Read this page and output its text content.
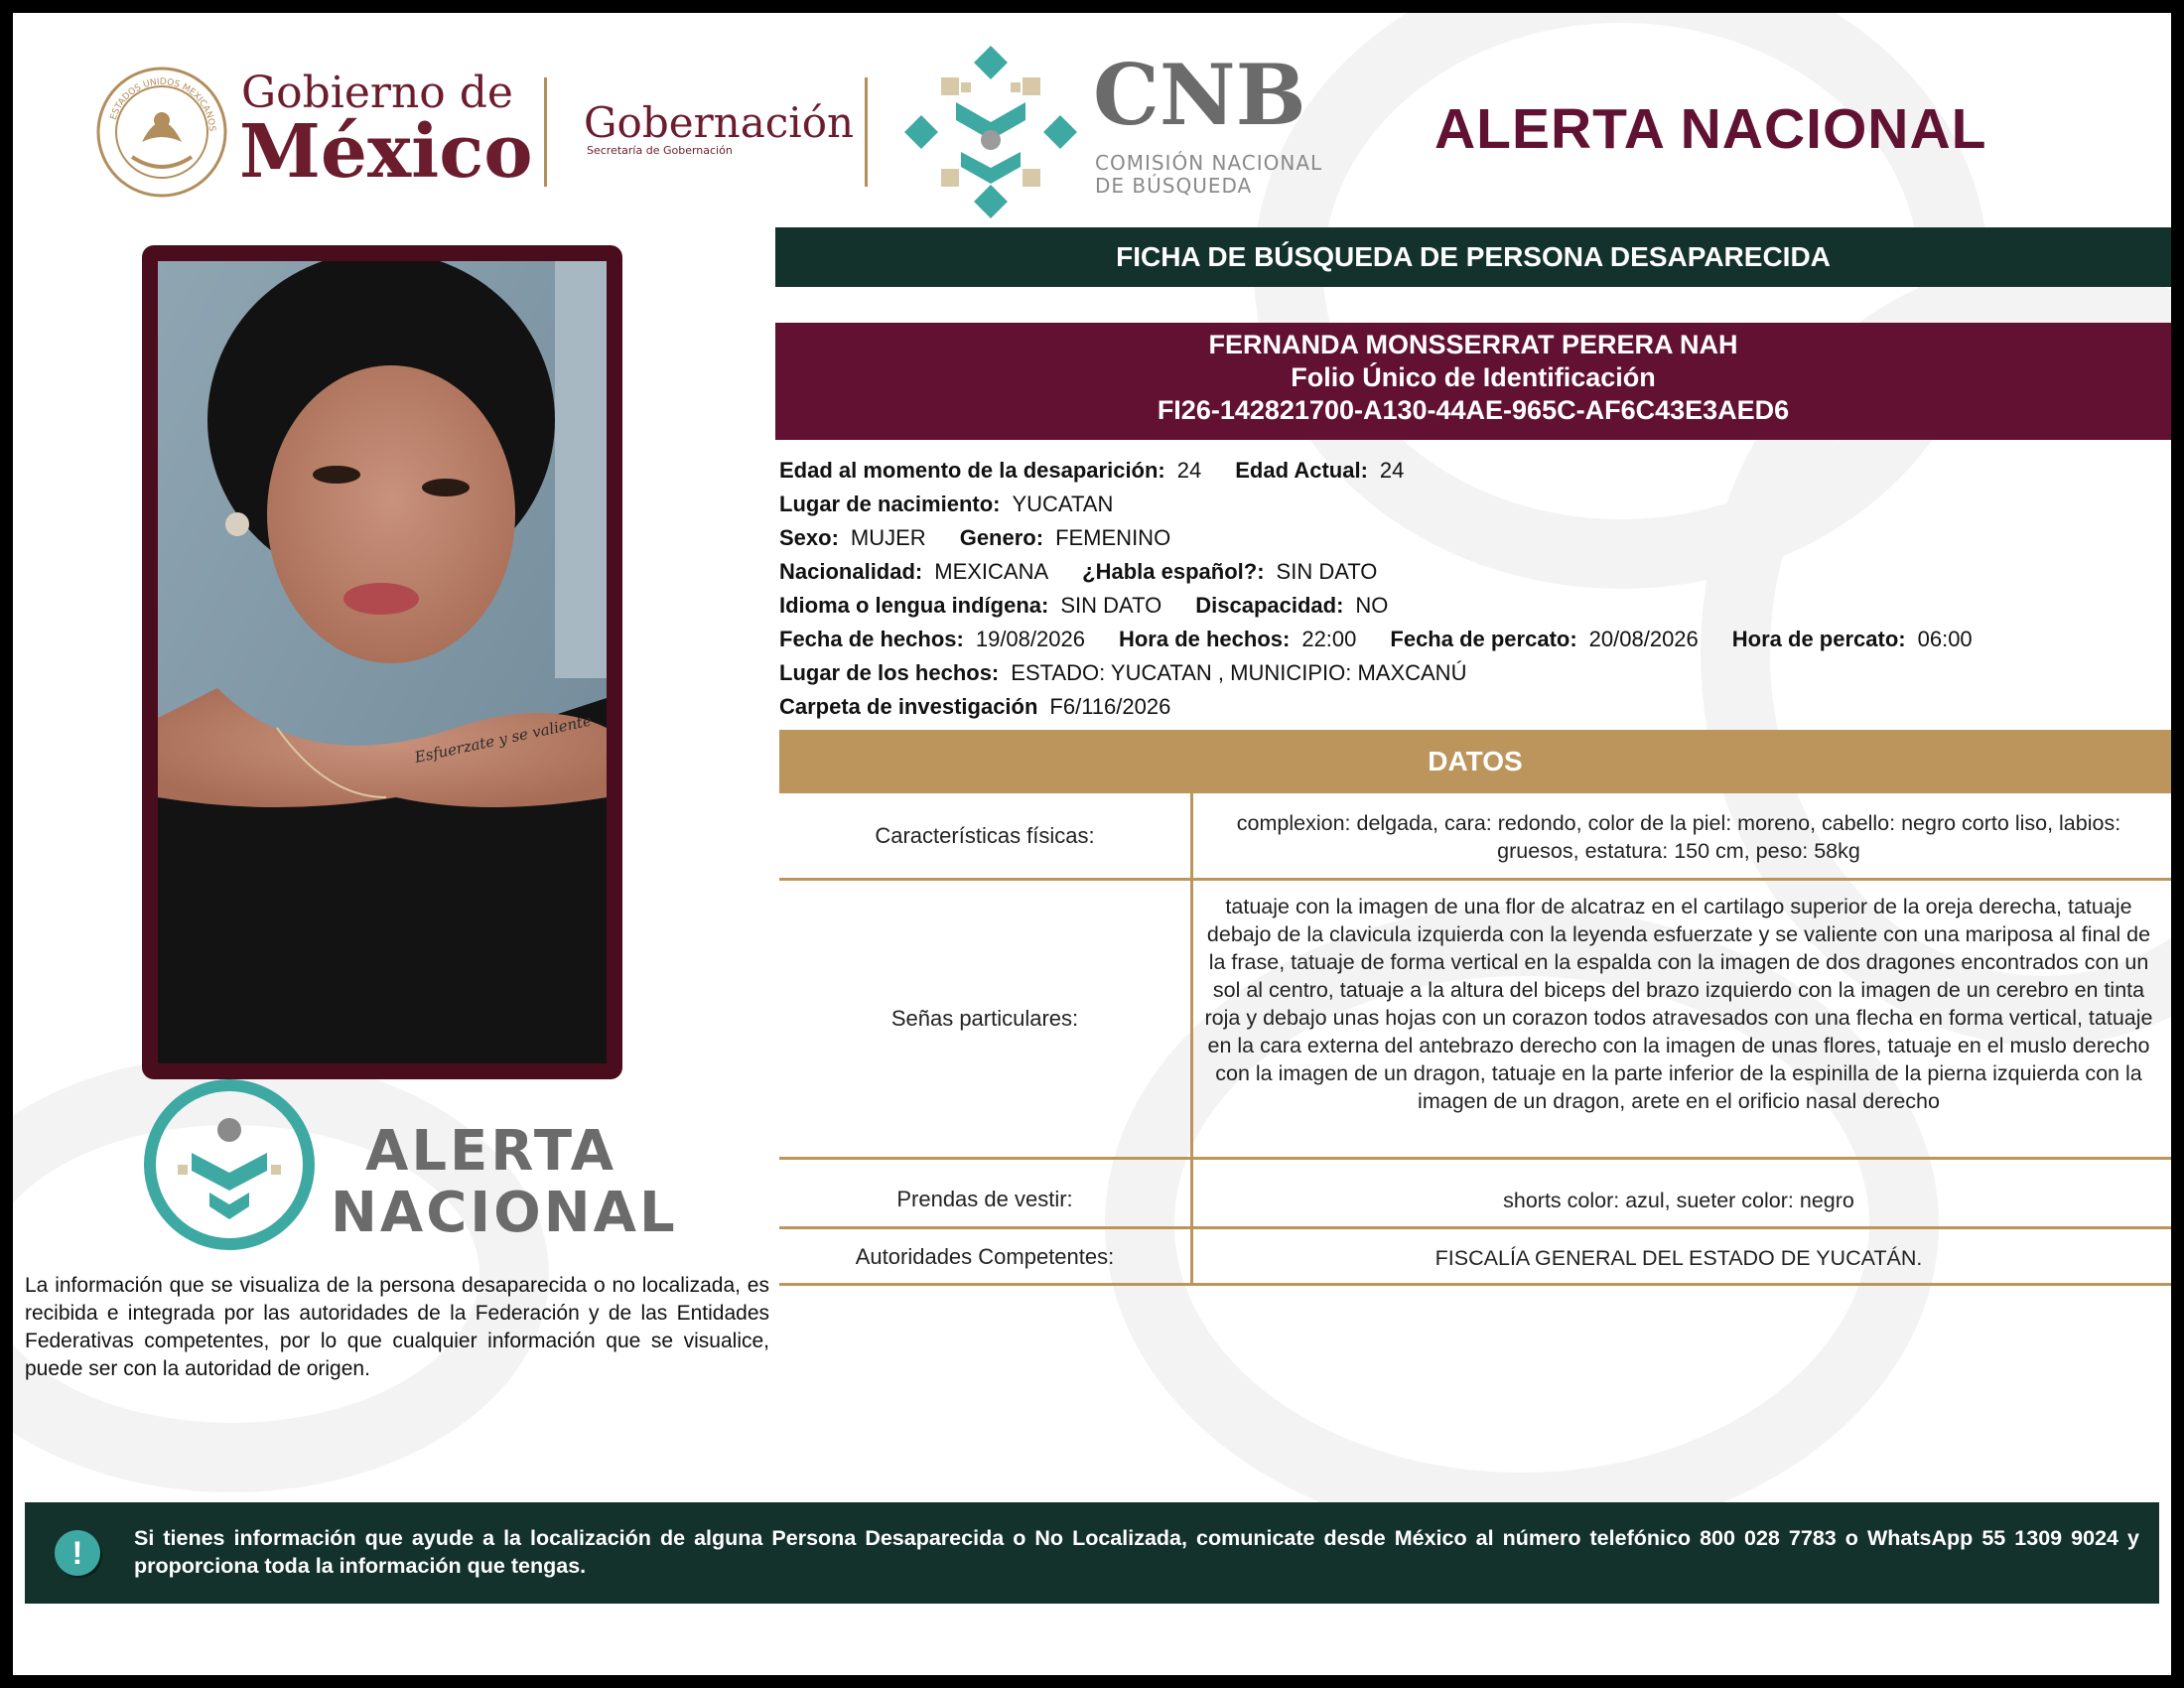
ESTADOS UNIDOS MEXICANOS
Gobierno de
México Gobernación
Secretaría de Gobernación
CNB
COMISIÓN NACIONAL
DE BÚSQUEDA
ALERTA NACIONAL
Esfuerzate y se valiente
ALERTA
NACIONAL
La información que se visualiza de la persona desaparecida o no localizada, es recibida e integrada por las autoridades de la Federación y de las Entidades Federativas competentes, por lo que cualquier información que se visualice, puede ser con la autoridad de origen.
FICHA DE BÚSQUEDA DE PERSONA DESAPARECIDA
FERNANDA MONSSERRAT PERERA NAH
Folio Único de Identificación
FI26-142821700-A130-44AE-965C-AF6C43E3AED6
Edad al momento de la desaparición: 24 Edad Actual: 24
Lugar de nacimiento: YUCATAN
Sexo: MUJER Genero: FEMENINO
Nacionalidad: MEXICANA ¿Habla español?: SIN DATO
Idioma o lengua indígena: SIN DATO Discapacidad: NO
Fecha de hechos: 19/08/2026 Hora de hechos: 22:00 Fecha de percato: 20/08/2026 Hora de percato: 06:00
Lugar de los hechos: ESTADO: YUCATAN , MUNICIPIO: MAXCANÚ
Carpeta de investigación F6/116/2026
DATOS
Características físicas:	complexion: delgada, cara: redondo, color de la piel: moreno, cabello: negro corto liso, labios: gruesos, estatura: 150 cm, peso: 58kg
Señas particulares:
tatuaje con la imagen de una flor de alcatraz en el cartilago superior de la oreja derecha, tatuaje debajo de la clavicula izquierda con la leyenda esfuerzate y se valiente con una mariposa al final de la frase, tatuaje de forma vertical en la espalda con la imagen de dos dragones encontrados con un sol al centro, tatuaje a la altura del biceps del brazo izquierdo con la imagen de un cerebro en tinta roja y debajo unas hojas con un corazon todos atravesados con una flecha en forma vertical, tatuaje en la cara externa del antebrazo derecho con la imagen de unas flores, tatuaje en el muslo derecho con la imagen de un dragon, tatuaje en la parte inferior de la espinilla de la pierna izquierda con la imagen de un dragon, arete en el orificio nasal derecho
Prendas de vestir:	shorts color: azul, sueter color: negro
Autoridades Competentes:	FISCALÍA GENERAL DEL ESTADO DE YUCATÁN.
!	Si tienes información que ayude a la localización de alguna Persona Desaparecida o No Localizada, comunicate desde México al número telefónico 800 028 7783 o WhatsApp 55 1309 9024 y proporciona toda la información que tengas.
